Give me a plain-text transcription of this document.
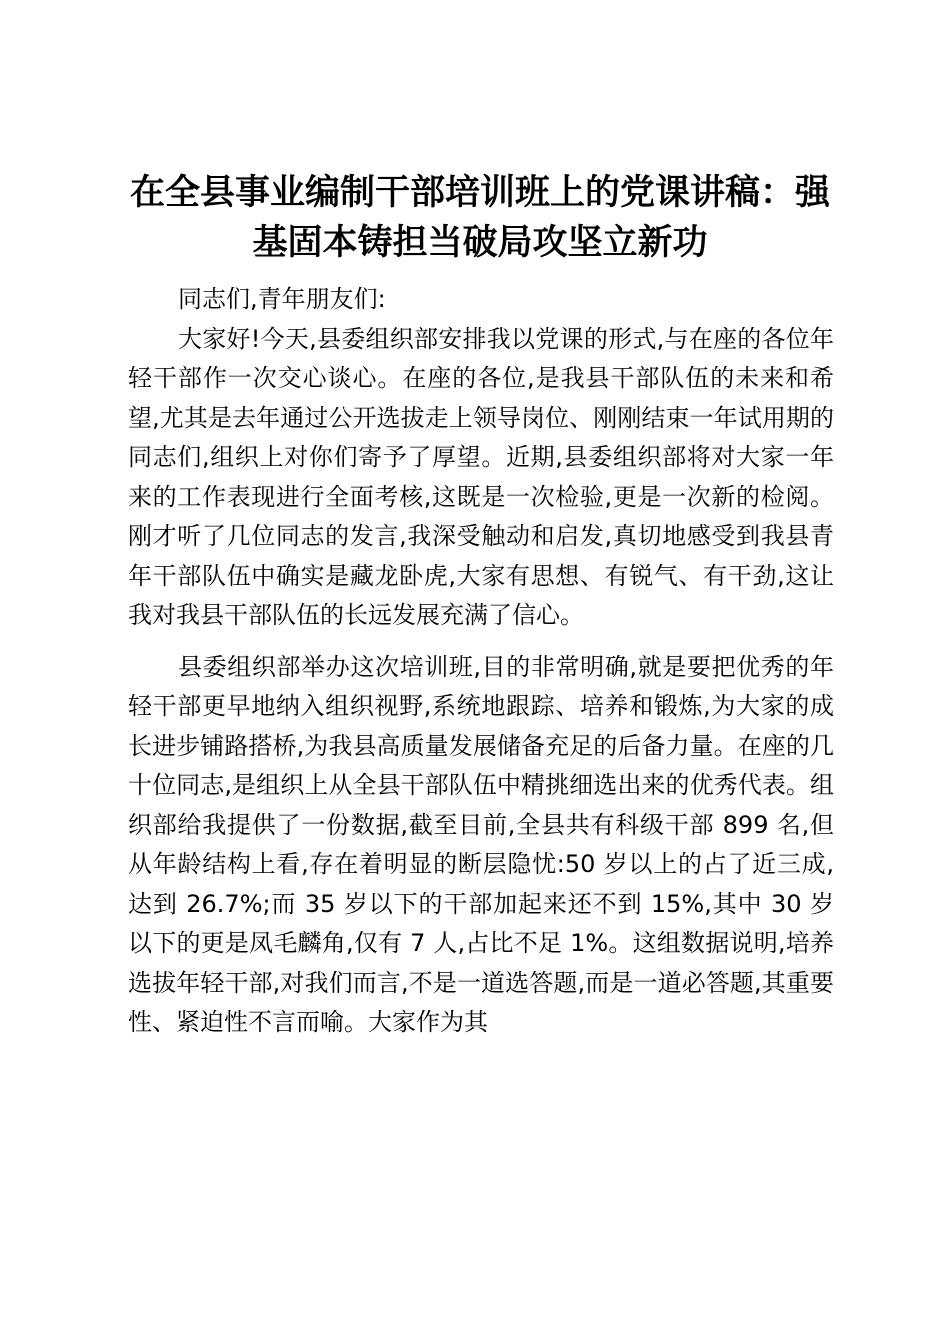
在全县事业编制干部培训班上的党课讲稿：强基固本铸担当破局攻坚立新功

同志们,青年朋友们:

大家好!今天,县委组织部安排我以党课的形式,与在座的各位年轻干部作一次交心谈心。在座的各位,是我县干部队伍的未来和希望,尤其是去年通过公开选拔走上领导岗位、刚刚结束一年试用期的同志们,组织上对你们寄予了厚望。近期,县委组织部将对大家一年来的工作表现进行全面考核,这既是一次检验,更是一次新的检阅。刚才听了几位同志的发言,我深受触动和启发,真切地感受到我县青年干部队伍中确实是藏龙卧虎,大家有思想、有锐气、有干劲,这让我对我县干部队伍的长远发展充满了信心。

县委组织部举办这次培训班,目的非常明确,就是要把优秀的年轻干部更早地纳入组织视野,系统地跟踪、培养和锻炼,为大家的成长进步铺路搭桥,为我县高质量发展储备充足的后备力量。在座的几十位同志,是组织上从全县干部队伍中精挑细选出来的优秀代表。组织部给我提供了一份数据,截至目前,全县共有科级干部 899 名,但从年龄结构上看,存在着明显的断层隐忧:50 岁以上的占了近三成,达到 26.7%;而 35 岁以下的干部加起来还不到 15%,其中 30 岁以下的更是凤毛麟角,仅有 7 人,占比不足 1%。这组数据说明,培养选拔年轻干部,对我们而言,不是一道选答题,而是一道必答题,其重要性、紧迫性不言而喻。大家作为其
